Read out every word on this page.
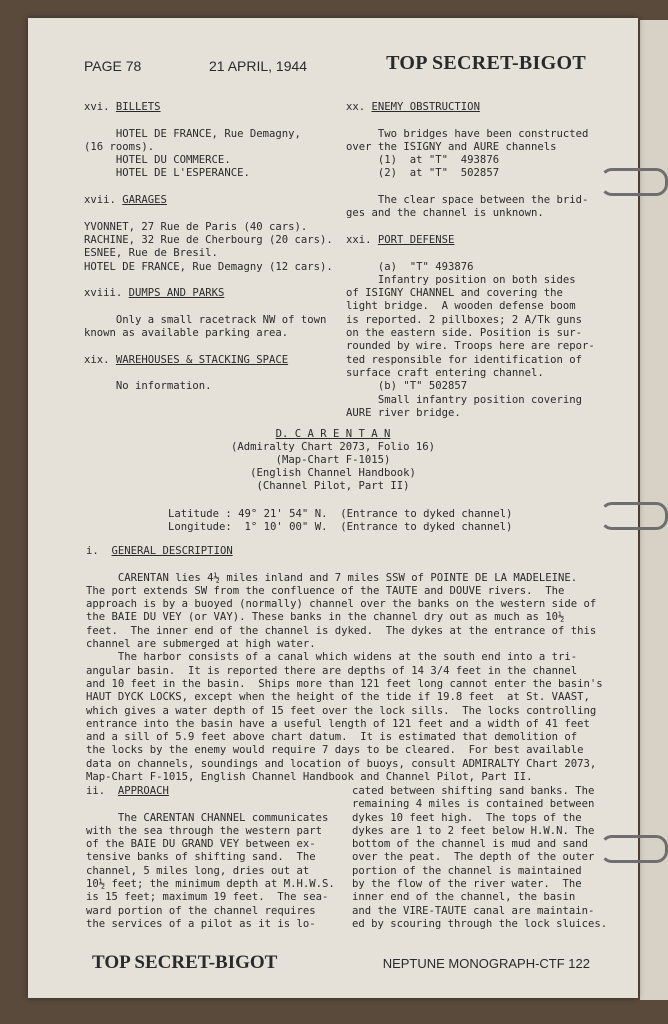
PAGE 78	21 APRIL, 1944	TOP SECRET-BIGOT
xvi. BILLETS

HOTEL DE FRANCE, Rue Demagny,
(16 rooms).
HOTEL DU COMMERCE.
HOTEL DE L'ESPERANCE.

xvii. GARAGES

YVONNET, 27 Rue de Paris (40 cars).
RACHINE, 32 Rue de Cherbourg (20 cars).
ESNEE, Rue de Bresil.
HOTEL DE FRANCE, Rue Demagny (12 cars).

xviii. DUMPS AND PARKS

Only a small racetrack NW of town
known as available parking area.

xix. WAREHOUSES & STACKING SPACE

No information.
xx. ENEMY OBSTRUCTION

Two bridges have been constructed
over the ISIGNY and AURE channels
(1)  at "T"  493876
(2)  at "T"  502857

The clear space between the brid-
ges and the channel is unknown.

xxi. PORT DEFENSE

(a)  "T" 493876
Infantry position on both sides
of ISIGNY CHANNEL and covering the
light bridge.  A wooden defense boom
is reported. 2 pillboxes; 2 A/Tk guns
on the eastern side. Position is sur-
rounded by wire. Troops here are repor-
ted responsible for identification of
surface craft entering channel.
(b) "T" 502857
Small infantry position covering
AURE river bridge.
D. C A R E N T A N
(Admiralty Chart 2073, Folio 16)
(Map-Chart F-1015)
(English Channel Handbook)
(Channel Pilot, Part II)
Latitude : 49° 21' 54" N.  (Entrance to dyked channel)
Longitude:  1° 10' 00" W.  (Entrance to dyked channel)
i.  GENERAL DESCRIPTION

CARENTAN lies 4½ miles inland and 7 miles SSW of POINTE DE LA MADELEINE.
The port extends SW from the confluence of the TAUTE and DOUVE rivers.  The
approach is by a buoyed (normally) channel over the banks on the western side of
the BAIE DU VEY (or VAY). These banks in the channel dry out as much as 10½
feet.  The inner end of the channel is dyked.  The dykes at the entrance of this
channel are submerged at high water.
The harbor consists of a canal which widens at the south end into a tri-
angular basin.  It is reported there are depths of 14 3/4 feet in the channel
and 10 feet in the basin.  Ships more than 121 feet long cannot enter the basin's
HAUT DYCK LOCKS, except when the height of the tide if 19.8 feet  at St. VAAST,
which gives a water depth of 15 feet over the lock sills.  The locks controlling
entrance into the basin have a useful length of 121 feet and a width of 41 feet
and a sill of 5.9 feet above chart datum.  It is estimated that demolition of
the locks by the enemy would require 7 days to be cleared.  For best available
data on channels, soundings and location of buoys, consult ADMIRALTY Chart 2073,
Map-Chart F-1015, English Channel Handbook and Channel Pilot, Part II.
ii.  APPROACH

The CARENTAN CHANNEL communicates
with the sea through the western part
of the BAIE DU GRAND VEY between ex-
tensive banks of shifting sand.  The
channel, 5 miles long, dries out at
10½ feet; the minimum depth at M.H.W.S.
is 15 feet; maximum 19 feet.  The sea-
ward portion of the channel requires
the services of a pilot as it is lo-
cated between shifting sand banks. The
remaining 4 miles is contained between
dykes 10 feet high.  The tops of the
dykes are 1 to 2 feet below H.W.N. The
bottom of the channel is mud and sand
over the peat.  The depth of the outer
portion of the channel is maintained
by the flow of the river water.  The
inner end of the channel, the basin
and the VIRE-TAUTE canal are maintain-
ed by scouring through the lock sluices.
TOP SECRET-BIGOT	NEPTUNE MONOGRAPH-CTF 122
